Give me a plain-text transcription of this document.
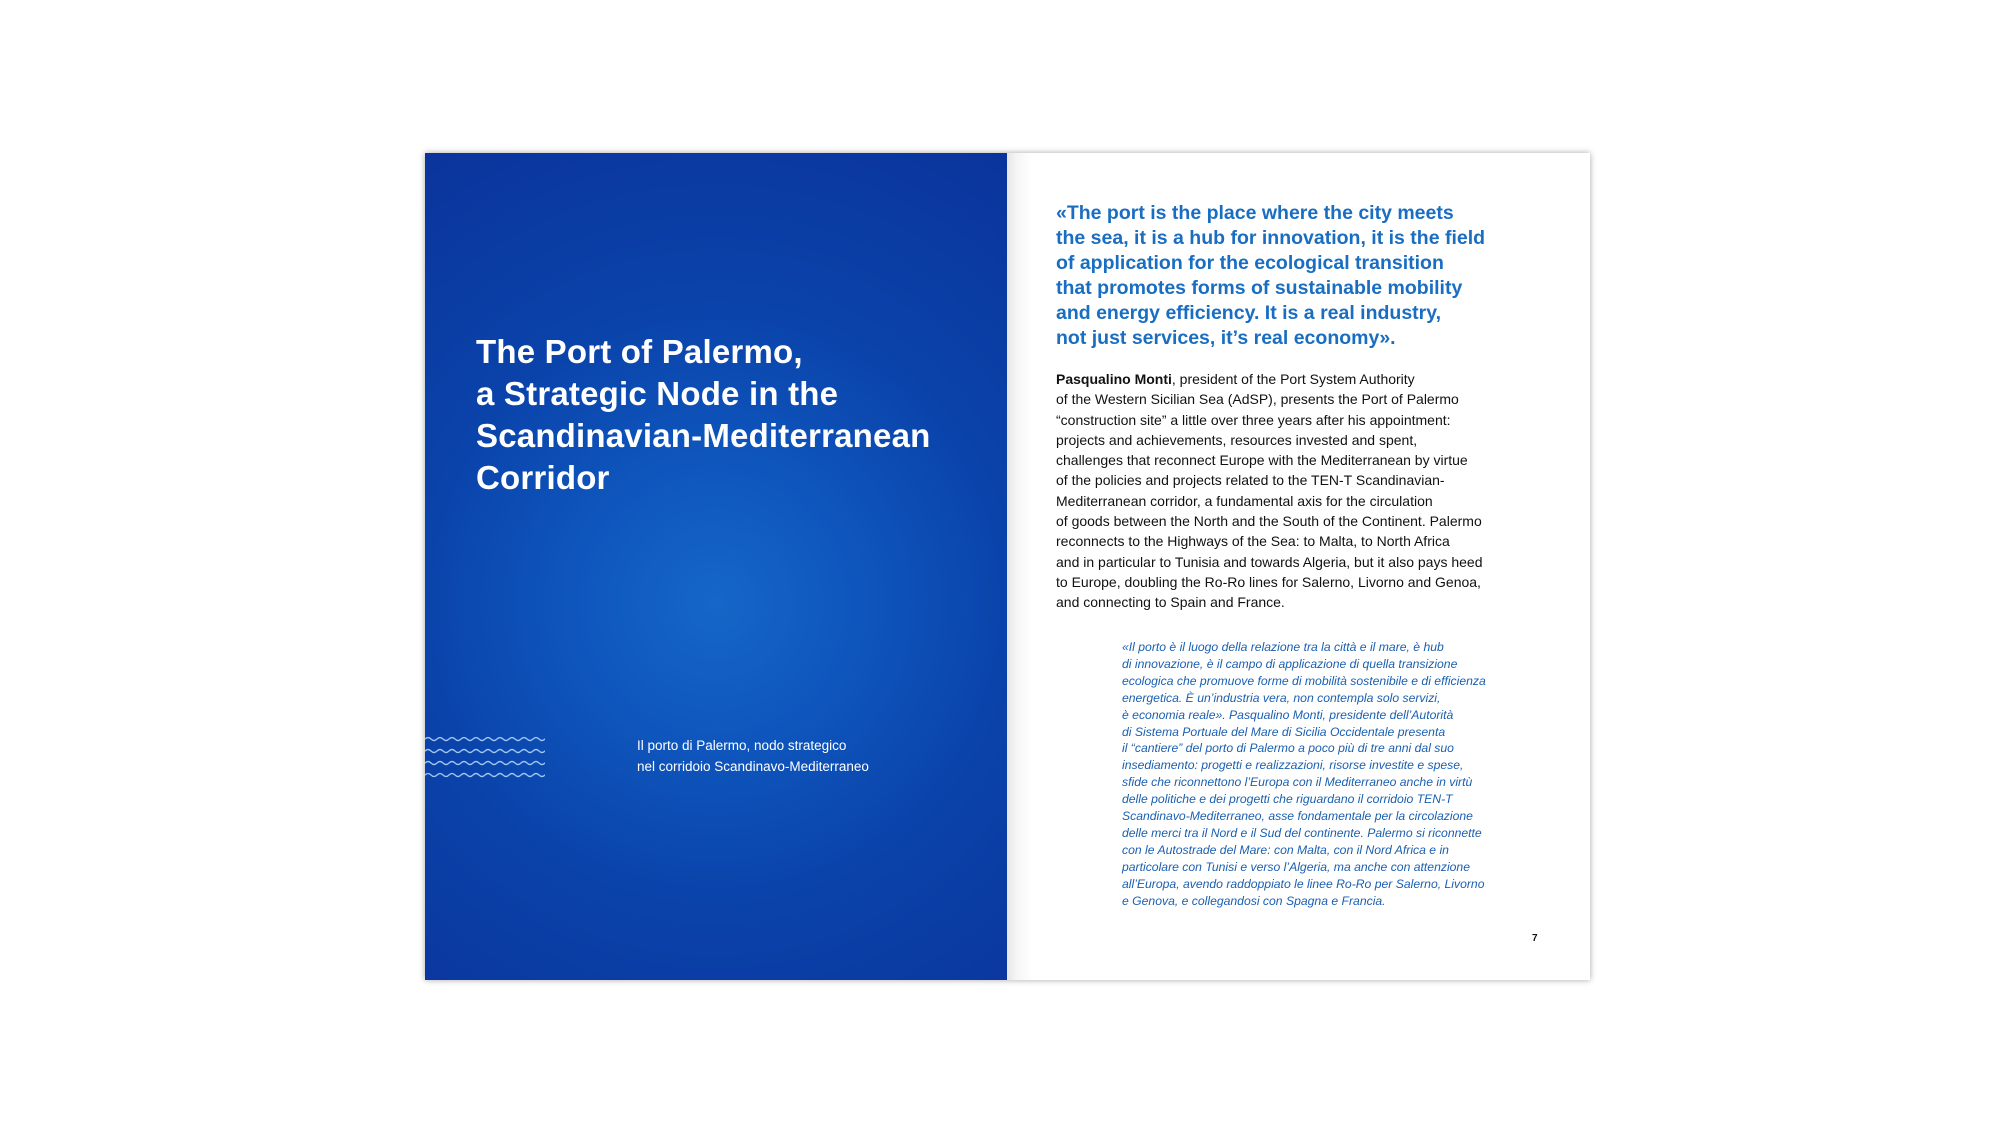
The Port of Palermo,
a Strategic Node in the
Scandinavian-Mediterranean
Corridor

Il porto di Palermo, nodo strategico
nel corridoio Scandinavo-Mediterraneo

«The port is the place where the city meets
the sea, it is a hub for innovation, it is the field
of application for the ecological transition
that promotes forms of sustainable mobility
and energy efficiency. It is a real industry,
not just services, it’s real economy».

Pasqualino Monti, president of the Port System Authority
of the Western Sicilian Sea (AdSP), presents the Port of Palermo
“construction site” a little over three years after his appointment:
projects and achievements, resources invested and spent,
challenges that reconnect Europe with the Mediterranean by virtue
of the policies and projects related to the TEN-T Scandinavian-
Mediterranean corridor, a fundamental axis for the circulation
of goods between the North and the South of the Continent. Palermo
reconnects to the Highways of the Sea: to Malta, to North Africa
and in particular to Tunisia and towards Algeria, but it also pays heed
to Europe, doubling the Ro-Ro lines for Salerno, Livorno and Genoa,
and connecting to Spain and France.

«Il porto è il luogo della relazione tra la città e il mare, è hub
di innovazione, è il campo di applicazione di quella transizione
ecologica che promuove forme di mobilità sostenibile e di efficienza
energetica. È un’industria vera, non contempla solo servizi,
è economia reale». Pasqualino Monti, presidente dell’Autorità
di Sistema Portuale del Mare di Sicilia Occidentale presenta
il “cantiere” del porto di Palermo a poco più di tre anni dal suo
insediamento: progetti e realizzazioni, risorse investite e spese,
sfide che riconnettono l’Europa con il Mediterraneo anche in virtù
delle politiche e dei progetti che riguardano il corridoio TEN-T
Scandinavo-Mediterraneo, asse fondamentale per la circolazione
delle merci tra il Nord e il Sud del continente. Palermo si riconnette
con le Autostrade del Mare: con Malta, con il Nord Africa e in
particolare con Tunisi e verso l’Algeria, ma anche con attenzione
all’Europa, avendo raddoppiato le linee Ro-Ro per Salerno, Livorno
e Genova, e collegandosi con Spagna e Francia.

7
